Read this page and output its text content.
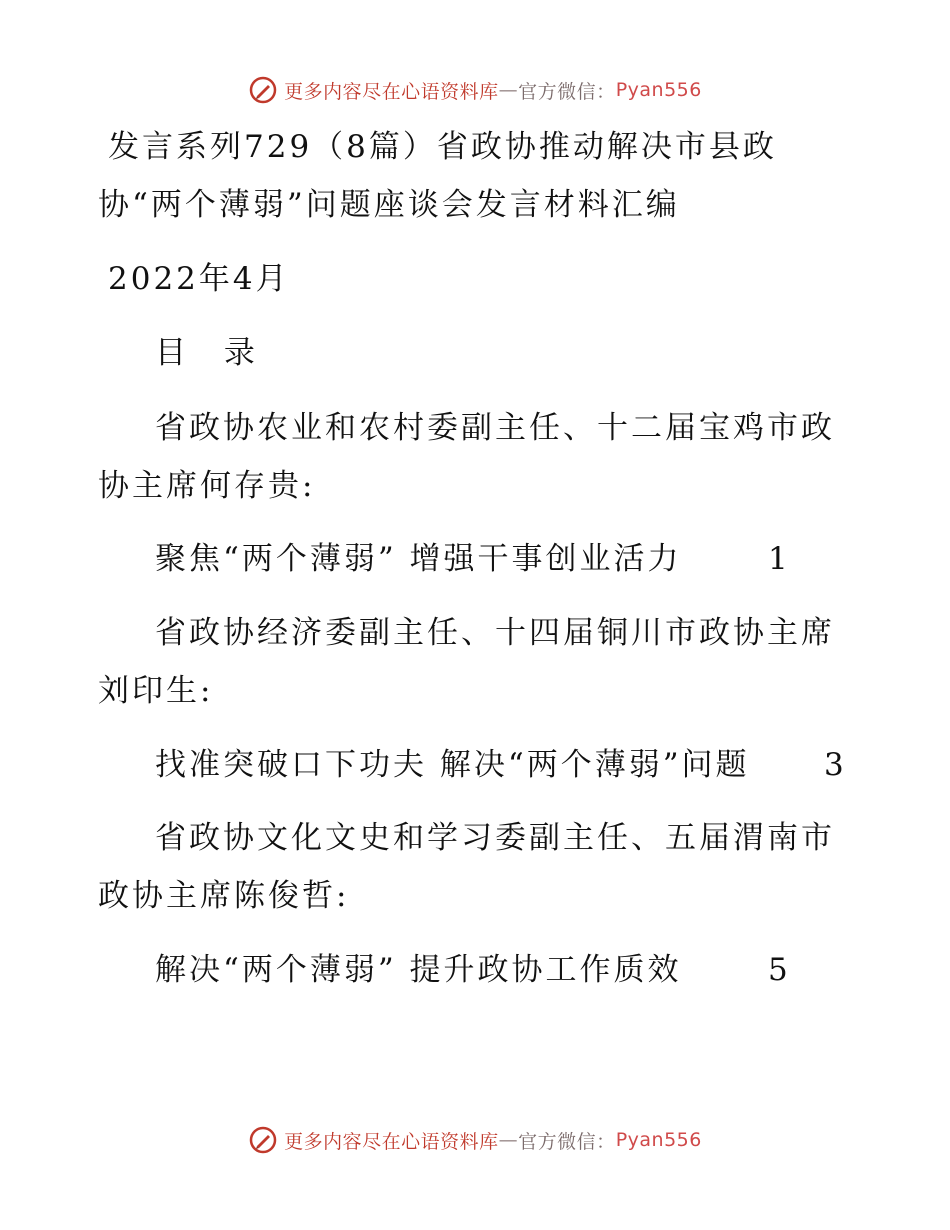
更多内容尽在心语资料库 — 官方微信： Pyan556
发言系列729（8篇）省政协推动解决市县政
协“两个薄弱”问题座谈会发言材料汇编
2022年4月
目 录
省政协农业和农村委副主任、十二届宝鸡市政
协主席何存贵:
聚焦“两个薄弱” 增强干事创业活力	1
省政协经济委副主任、十四届铜川市政协主席
刘印生:
找准突破口下功夫 解决“两个薄弱”问题 3
省政协文化文史和学习委副主任、五届渭南市
政协主席陈俊哲:
解决“两个薄弱” 提升政协工作质效	5
更多内容尽在心语资料库 — 官方微信： Pyan556
